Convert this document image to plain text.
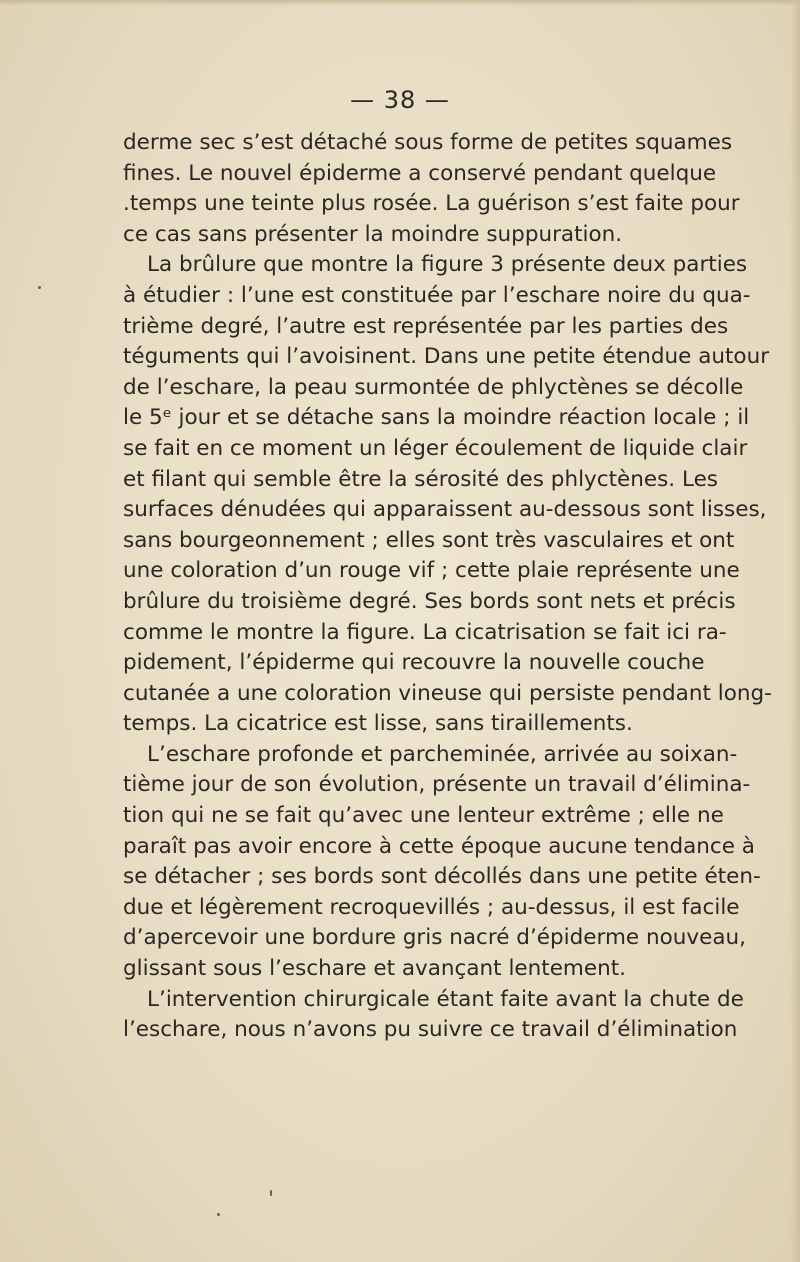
— 38 —
derme sec s’est détaché sous forme de petites squames
fines. Le nouvel épiderme a conservé pendant quelque
.temps une teinte plus rosée. La guérison s’est faite pour
ce cas sans présenter la moindre suppuration.
La brûlure que montre la figure 3 présente deux parties
à étudier : l’une est constituée par l’eschare noire du qua-
trième degré, l’autre est représentée par les parties des
téguments qui l’avoisinent. Dans une petite étendue autour
de l’eschare, la peau surmontée de phlyctènes se décolle
le 5ᵉ jour et se détache sans la moindre réaction locale ; il
se fait en ce moment un léger écoulement de liquide clair
et filant qui semble être la sérosité des phlyctènes. Les
surfaces dénudées qui apparaissent au-dessous sont lisses,
sans bourgeonnement ; elles sont très vasculaires et ont
une coloration d’un rouge vif ; cette plaie représente une
brûlure du troisième degré. Ses bords sont nets et précis
comme le montre la figure. La cicatrisation se fait ici ra-
pidement, l’épiderme qui recouvre la nouvelle couche
cutanée a une coloration vineuse qui persiste pendant long-
temps. La cicatrice est lisse, sans tiraillements.
L’eschare profonde et parcheminée, arrivée au soixan-
tième jour de son évolution, présente un travail d’élimina-
tion qui ne se fait qu’avec une lenteur extrême ; elle ne
paraît pas avoir encore à cette époque aucune tendance à
se détacher ; ses bords sont décollés dans une petite éten-
due et légèrement recroquevillés ; au-dessus, il est facile
d’apercevoir une bordure gris nacré d’épiderme nouveau,
glissant sous l’eschare et avançant lentement.
L’intervention chirurgicale étant faite avant la chute de
l’eschare, nous n’avons pu suivre ce travail d’élimination
